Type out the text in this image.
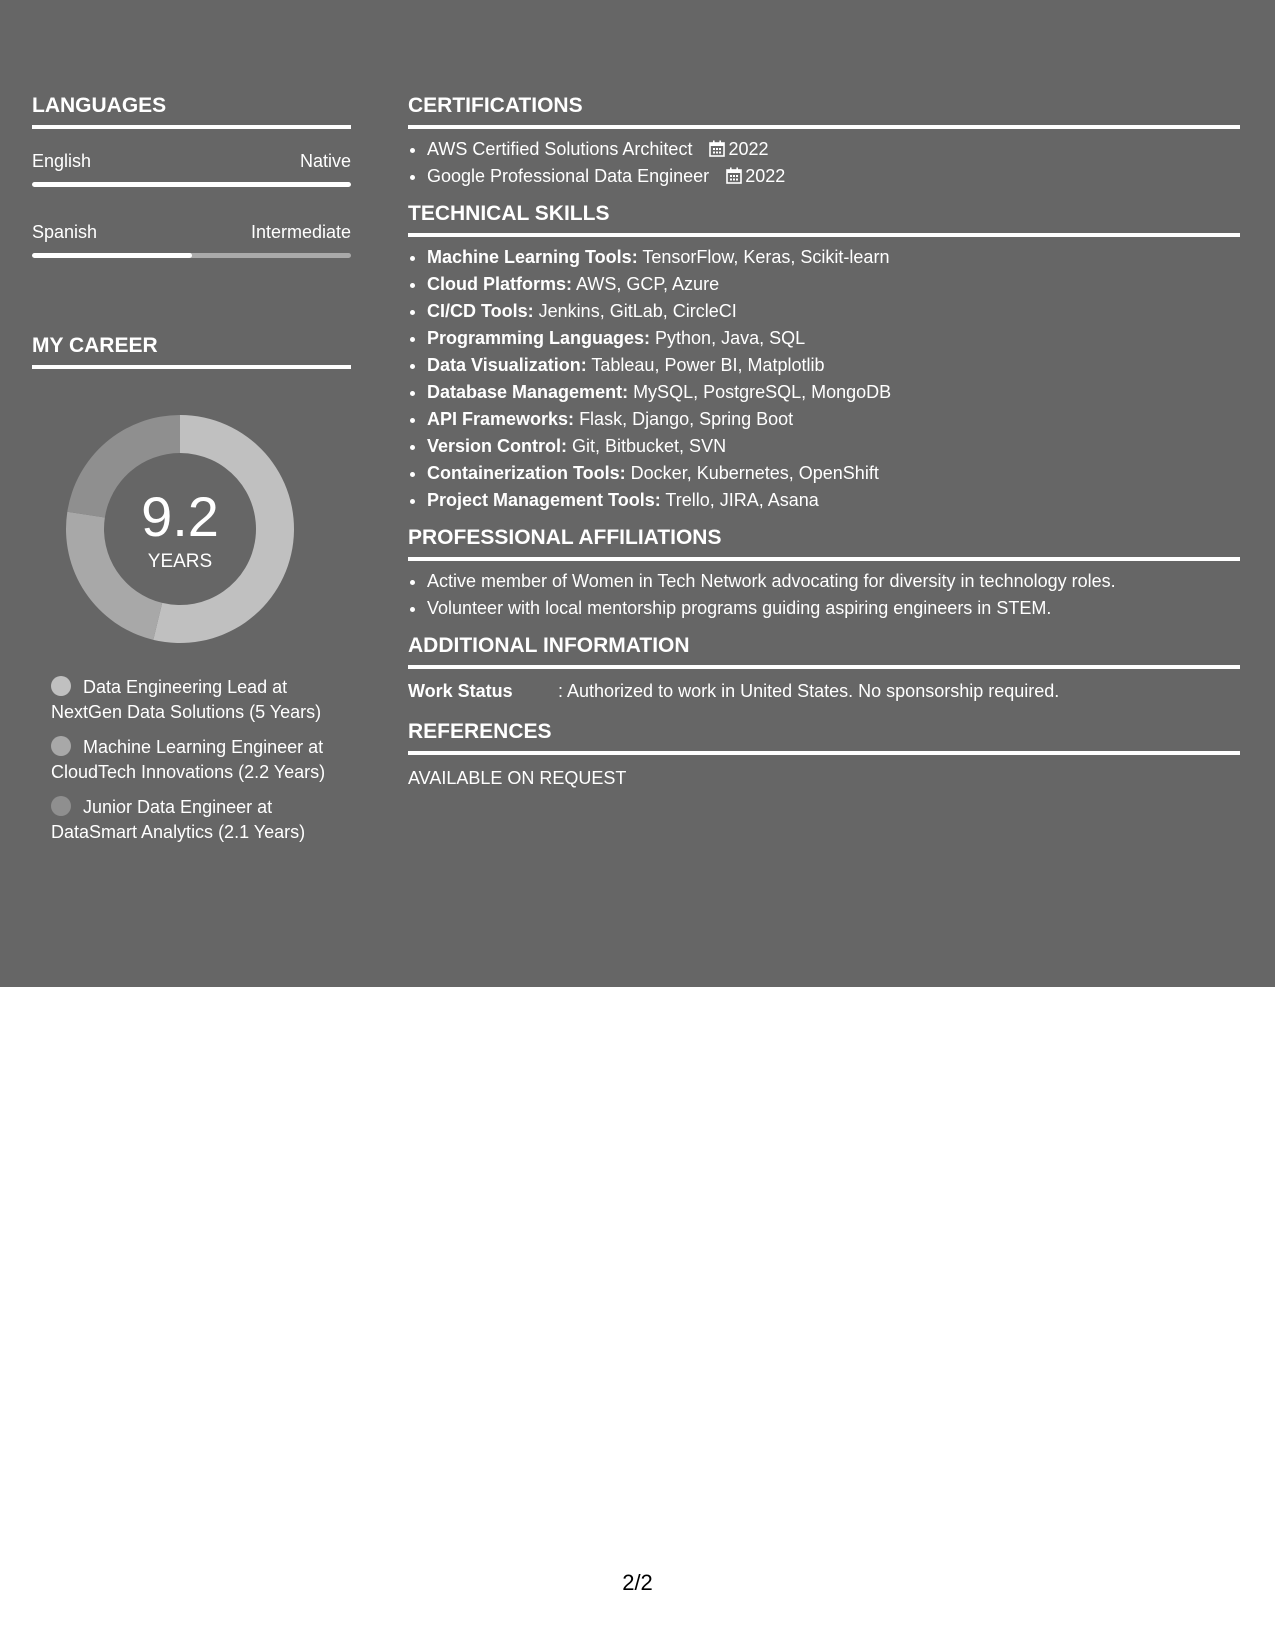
LANGUAGES
English	Native
Spanish	Intermediate
MY CAREER
9.2
YEARS
Data Engineering Lead at NextGen Data Solutions (5 Years)
Machine Learning Engineer at CloudTech Innovations (2.2 Years)
Junior Data Engineer at DataSmart Analytics (2.1 Years)
CERTIFICATIONS
• AWS Certified Solutions Architect 2022
• Google Professional Data Engineer 2022
TECHNICAL SKILLS
• Machine Learning Tools: TensorFlow, Keras, Scikit-learn
• Cloud Platforms: AWS, GCP, Azure
• CI/CD Tools: Jenkins, GitLab, CircleCI
• Programming Languages: Python, Java, SQL
• Data Visualization: Tableau, Power BI, Matplotlib
• Database Management: MySQL, PostgreSQL, MongoDB
• API Frameworks: Flask, Django, Spring Boot
• Version Control: Git, Bitbucket, SVN
• Containerization Tools: Docker, Kubernetes, OpenShift
• Project Management Tools: Trello, JIRA, Asana
PROFESSIONAL AFFILIATIONS
• Active member of Women in Tech Network advocating for diversity in technology roles.
• Volunteer with local mentorship programs guiding aspiring engineers in STEM.
ADDITIONAL INFORMATION
Work Status	: Authorized to work in United States. No sponsorship required.
REFERENCES
AVAILABLE ON REQUEST
2/2
